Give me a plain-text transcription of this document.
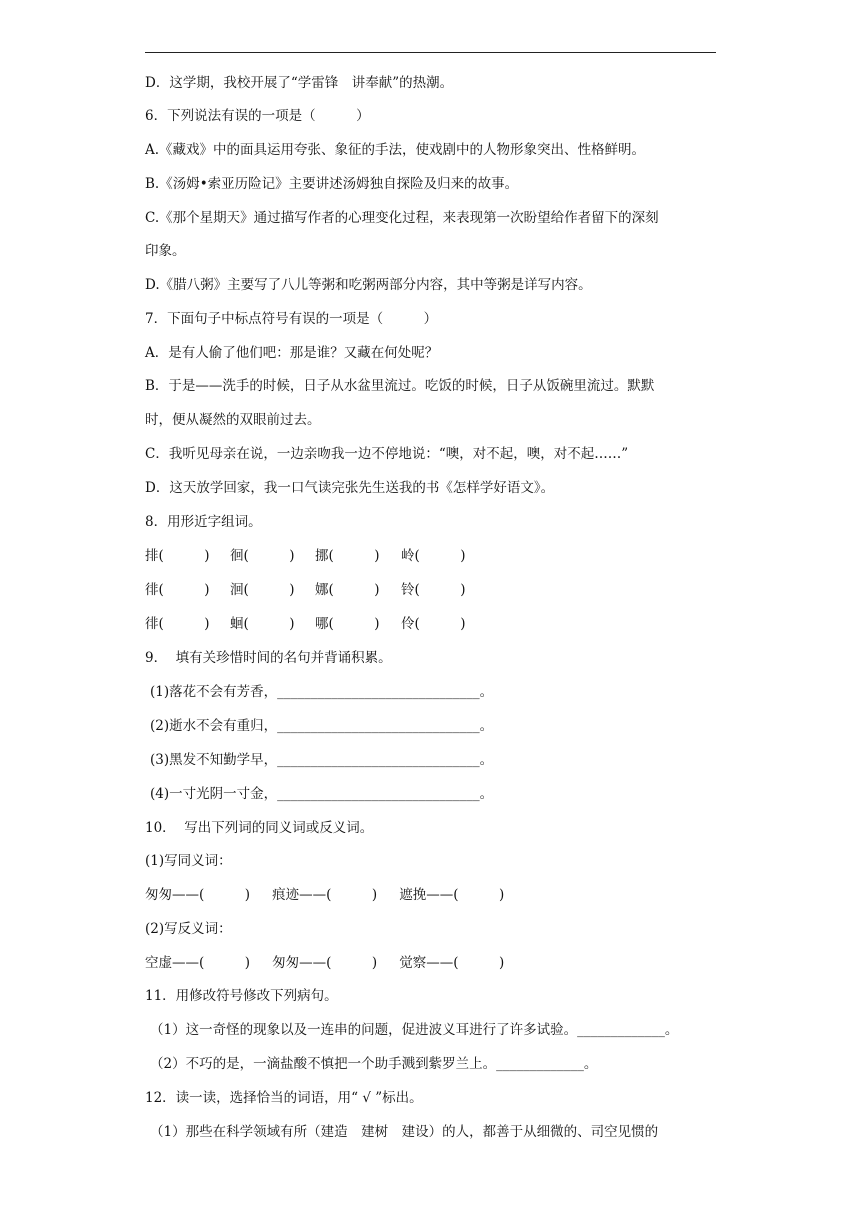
D．这学期，我校开展了“学雷锋　讲奉献”的热潮。
6．下列说法有误的一项是（　　　）
A.《藏戏》中的面具运用夸张、象征的手法，使戏剧中的人物形象突出、性格鲜明。
B.《汤姆•索亚历险记》主要讲述汤姆独自探险及归来的故事。
C.《那个星期天》通过描写作者的心理变化过程，来表现第一次盼望给作者留下的深刻
印象。
D.《腊八粥》主要写了八儿等粥和吃粥两部分内容，其中等粥是详写内容。
7．下面句子中标点符号有误的一项是（　　　）
A．是有人偷了他们吧：那是谁？又藏在何处呢？
B．于是——洗手的时候，日子从水盆里流过。吃饭的时候，日子从饭碗里流过。默默
时，便从凝然的双眼前过去。
C．我听见母亲在说，一边亲吻我一边不停地说：“噢，对不起，噢，对不起……”
D．这天放学回家，我一口气读完张先生送我的书《怎样学好语文》。
8．用形近字组词。
排(　　　) 徊(　　　) 挪(　　　) 岭(　　　)
徘(　　　) 洄(　　　) 娜(　　　) 铃(　　　)
徘(　　　) 蛔(　　　) 哪(　　　) 伶(　　　)
9．  填有关珍惜时间的名句并背诵积累。
(1)落花不会有芳香，______________________________。
(2)逝水不会有重归，______________________________。
(3)黑发不知勤学早，______________________________。
(4)一寸光阴一寸金，______________________________。
10．  写出下列词的同义词或反义词。
(1)写同义词：
匆匆——(　　　)　  痕迹——(　　　)　  遮挽——(　　　)
(2)写反义词：
空虚——(　　　)　  匆匆——(　　　)　  觉察——(　　　)
11．用修改符号修改下列病句。
（1）这一奇怪的现象以及一连串的问题，促进波义耳进行了许多试验。_____________。
（2）不巧的是，一滴盐酸不慎把一个助手溅到紫罗兰上。_____________。
12．读一读，选择恰当的词语，用“ √ ”标出。
（1）那些在科学领域有所（建造　建树　建设）的人，都善于从细微的、司空见惯的
